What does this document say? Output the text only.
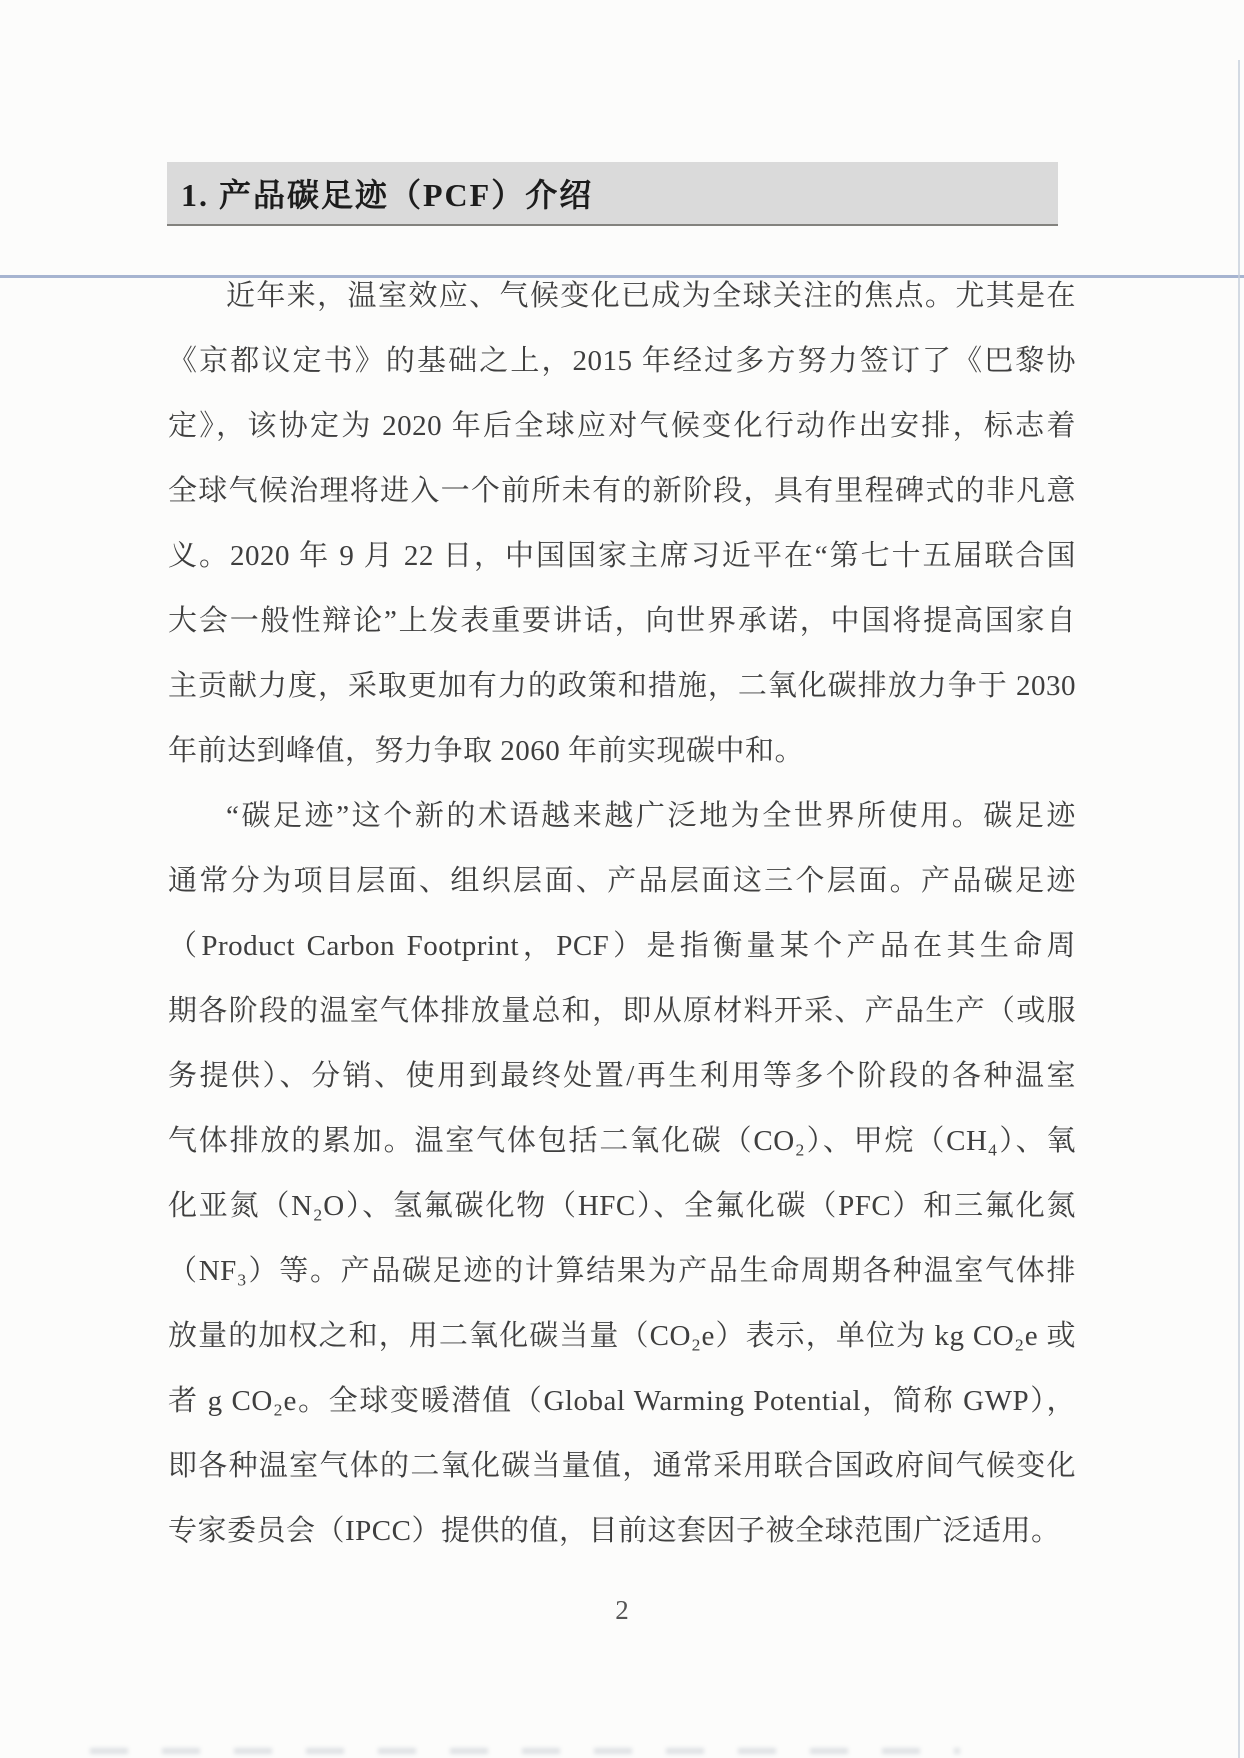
1. 产品碳足迹（PCF）介绍
近年来，温室效应、气候变化已成为全球关注的焦点。尤其是在
《京都议定书》的基础之上，2015 年经过多方努力签订了《巴黎协
定》，该协定为 2020 年后全球应对气候变化行动作出安排，标志着
全球气候治理将进入一个前所未有的新阶段，具有里程碑式的非凡意
义。2020 年 9 月 22 日，中国国家主席习近平在“第七十五届联合国
大会一般性辩论”上发表重要讲话，向世界承诺，中国将提高国家自
主贡献力度，采取更加有力的政策和措施，二氧化碳排放力争于 2030
年前达到峰值，努力争取 2060 年前实现碳中和。
“碳足迹”这个新的术语越来越广泛地为全世界所使用。碳足迹
通常分为项目层面、组织层面、产品层面这三个层面。产品碳足迹
（Product Carbon Footprint，PCF）是指衡量某个产品在其生命周
期各阶段的温室气体排放量总和，即从原材料开采、产品生产（或服
务提供）、分销、使用到最终处置/再生利用等多个阶段的各种温室
气体排放的累加。温室气体包括二氧化碳（CO₂）、甲烷（CH₄）、氧
化亚氮（N₂O）、氢氟碳化物（HFC）、全氟化碳（PFC）和三氟化氮
（NF₃）等。产品碳足迹的计算结果为产品生命周期各种温室气体排
放量的加权之和，用二氧化碳当量（CO₂e）表示，单位为 kg CO₂e 或
者 g CO₂e。全球变暖潜值（Global Warming Potential，简称 GWP），
即各种温室气体的二氧化碳当量值，通常采用联合国政府间气候变化
专家委员会（IPCC）提供的值，目前这套因子被全球范围广泛适用。
2
